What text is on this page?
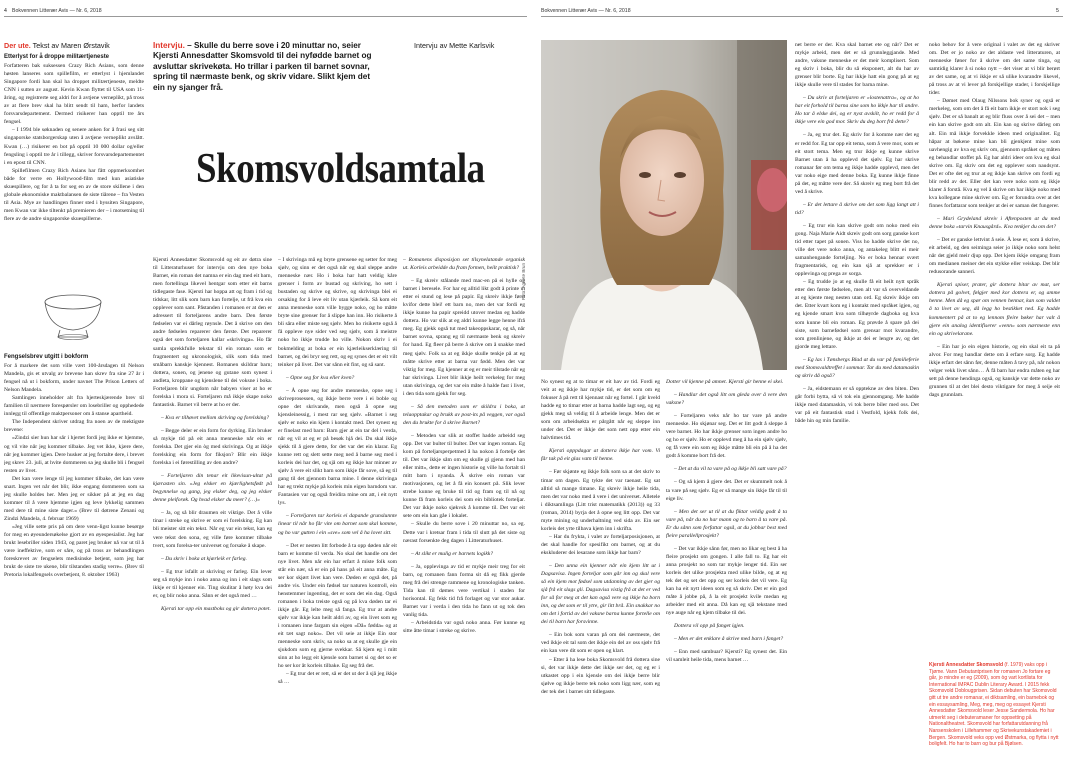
4 Bokvennen Litterær Avis — Nr. 6, 2018	Bokvennen Litterær Avis — Nr. 6, 2018	5

Der ute. Tekst av Maren Ørstavik

Etterlyst for å droppe militærtjeneste

Forfatteren bak suksessen Crazy Rich Asians, som denne høsten lanseres som spillefilm, er etterlyst i hjemlandet Singapore fordi han skal ha droppet militærtjeneste, meldte CNN i sutten av august. Kevin Kwan flyttet til USA som 11-åring, og registrerte seg aldri for å avtjene verneplikt, på tross av at flere brev skal ha blitt sendt til ham, herfor landets forsvarsdepartement. Dermed risikerer han opptil tre års fengsel.

– I 1994 ble søknaden og senere anken for å frasi seg sitt singaporske statsborgerskap uten å avtjene verneplikt avslått. Kwan (…) risikerer en bot på opptil 10 000 dollar og/eller fengsling i opptil tre år i tillegg, skriver forsvarsdepartementet i en epost til CNN.

Spillefilmen Crazy Rich Asians har fått oppmerksomhet både for verre en Hollywood-film med kun asiatiske skuespillere, og for å ta for seg en av de store skillene i den globale økonomiske maktbalansen de siste tiårene – fra Vesten til Asia. Myе av handlingen finner sted i byssiten Singapore, men Kwan var ikke tiltenkt på premieren der – i motsetning til flere av de andre singaporske skuespillerne.

Fengselsbrev utgitt i bokform

For å markere det som ville vært 100-årsdagen til Nelson Mandela, gis et utvalg av brevene han skrev fra sine 27 år i fengsel nå ut i bokform, under navnet The Prison Letters of Nelson Mandela.

Samlingen inneholder alt fra hjerteskjærende brev til familien til nærmere forespørsler om losebriller og opphedede innlegg til offentlige maktpersoner om å stanse apartheid.

The Independent skriver utdrag fra noen av de mektigste brevene:

«Zindzi sier hun har sår i hjertet fordi jeg ikke er hjemme, og vil vite når jeg kommer tilbake. Jeg vet ikke, kjære dere, når jeg kommer igjen. Dere husker at jeg fortalte dere, i brevet jeg skrev 23. juli, at hvite dommeren sa jeg skulle bli i fengsel resten av livet.

Det kan være lenge til jeg kommer tilbake, det kan være snart. Ingen vet når det blir, ikke engang dommeren som sa jeg skulle holdes her. Men jeg er sikker på at jeg en dag kommer til å være hjemme igjen og leve lykkelig sammen med dere til mine siste dager.» (Brev til døtrene Zenani og Zindzi Mandela, 4. februar 1969)

«Jeg ville sette pris på om dere venn-ligst kunne besørge for meg en øyeundersøkelse gjort av en øyespesialist. Jeg har brukt lesebriller siden 1943, og parеt jeg bruker nå var ut til å være ineffektive, som er såre, og på tross av behandlingen foreskrevet av fengselets medisinske betjent, som jeg har brukt de siste tre ukene, blir tilstanden stadig verre». (Brev til Pretoria lokalfengsels overbetjent, 8. oktober 1963)

Intervju. – Skulle du berre sove i 20 minuttar no, seier Kjersti Annesdatter Skomsvold til dei nyfødde barnet og avsluttar skrivekøta. Ho trillar i parken til barnet sovnar, spring til nærmaste benk, og skriv vidare. Slikt kjem det ein ny sjanger frå.
Intervju av Mette Karlsvik
Skomsvoldsamtala

Kjersti Annesdatter Skomsvold og eit av døtra sine til Litteraturhuset for intervju om den nye boka Barnet, ein roman det namna er ein dag med eit barn, men fortellinga likevel hentgar som etter eit barns tidlegaste fase. Kjersti har hoppa att og fram i tid og tidskar, litt slik som barn kan fortelje, ut frå kva ein opplever som sant. Påstanden i romanen er at den er adressert til forteljarens andre barn. Den første fødselen var ei dårleg røynsle. Det å skrive om den andre fødselen reparerer den første. Det reparerer også det som forteljaren kallar «skrivinga». Ho får samla sprekkfulle tekstar til ein roman som er fragmentert og ukronologisk, slik som tida med småbarn kanskje kjennest. Romanen skildrar barn; dottera, sonen, og jenene og gutane som synest i andleta, kroppane og kjenslene til dei voksne i boka. Forteljaren blir ungdom når babyen viser at ho er forelska i mora si. Forteljaren må ikkje skape noko fantastisk. Barnet vil berre at ho er der.

– Kva er tilhøvet mellom skriving og forelsking?

– Begge deler er ein form for dyrking. Ein bruker så mykje tid på eit anna menneske når ein er forelska. Det gjer ein òg med skrivinga. Og at ikkje forelsking ein form for fiksjon? Blir ein ikkje forelska i ei førestilling av den andre?

– Forteljaren din tenar eit likevisun-ultat på kjærasten sin. «Jeg elsker en kjærlighetsfødt på begynnelse og gang, jeg elsker deg, og jeg elsker denne pleiforøk. Og hvad elsker du meer? (…)»

– Ja, og så blir draumen eit viktige. Det å ville tinar i streke og skrive er som ei forelsking. Eg kan bli meister sitt ein tekst. Når eg var ein tekst, kan eg vere tekst den sona, eg ville føre kommer tilbake tvert, som forelsa-ter universet og forsake å skape.

– Du skriv i boka at kjærleik er farleg.

– Eg trur isfallt at skriving er farleg. Ein lever seg så mykje inn i noko anna og inn i eit slags som ikkje er til kjenner ein. Ting skulitar å høty kva dei er, og blir noko anna. Sånn er det også med …

Kjersti tar opp ein mastboks og gir dottera potet.

– I skrivinga må eg bryte grensene eg setter for meg sjølv, og sinn er det også når eg skal sleppe andre menneske nær. Ho i boka har hatt veldig kåre grenser i form av bustad og skriving, ho sett i bustaden og skrive og skrive, og skrivinga blei ei orsaking for å leve eit liv utan kjærleik. Så kom eit anna menneske som ville bygge noko, og ho måtte bryte sine grenser for å slippe han inn. Ho risikerte å bli såra eller miste seg sjølv. Men ho risikerte også å få oppleve nye sider ved seg sjølv, som å meistre noko ho ikkje trudde ho ville. Nokon skriv i ei bokmelding at boka er ein kjærleikserklæring til barnet, og dei bryr seg rett, og eg synes det er eit vilt teinker på livet. Det var sånn eit fint, og så sant.

– Opne seg for kva eller kven?

– Å opne seg for andre menneske, opne seg i skriveprosessen, og ikkje berre vere i ei boble og opne det skrivande, men også å opne seg kjensleinessig, i mest rar seg sjølv. «Barnet i seg sjølv er noko ein kjem i kontakt med. Det synest eg er finelast med barn: Barn gjer at ein tar del i verda, når eg vil at eg er på besøk hjå dei. Du skal ikkje sjekk til å gjere dette, for det var det ein klarar. Eg kunne rett og slett sette meg ned å barne seg med i korleis dei har det, og sjå om eg ikkje har minner av sjølv å vere eit slikt barn som ikkje får sove, så eg til gang til det gjennom barna mine. I denne skrivinga har eg trekt mykje på korleis min eigen barndom var. Fantasien var og også freidira mine om att, i eit nytt lys.

– Forteljaren tar korleis ei dapande grunslunnte linear til når ho får vite om barnet som skal komme, og ho var gutten i ein «sve» som vel å ha lovet sitt.

– Det er nesten litt forbode å ta opp døden når eit barn er komme til verda. No skal det handle om det nye livet. Men når ein har erfart å miste folk som står ein nær, så er ein på hans på eit anna måte. Eg ser kor skjørt livet kan vere. Døden er også det, på andre vis. Under ein fødsel tar naturen kontroll, ein henstemmer ingenting, det er som det ein dag. Også romanen i boka treiste også og på kva døden tar ei ikkje går. Eg lelte meg så fanga. Eg trur at andre sjølv var ikkje kan heilt aldri av, og ein livet som eg i romanen inne fargam sin eigen «Då» fødda» og at eit tæt sagt noko». Det vil seie at ikkje Ein stor menneske som skriv, sa noko sa at eg skulle gje ein sjukdom som eg gjerne svekkar. Så kjem eg i mitt sinn at ho legg eit kjensle som barnet si og det so er ho ser kor åt korleis tilbake. Eg seg frå det.

– Eg trur det er rett, så er det ut der å sjå jeg ikkje så …

– Romanens disposisjon set tilsynelatande organisk ut. Korleis arbeidde du fram formen, heilt praktisk?

– Eg skreiv stålande med mac-en på ei hylle og barnet i beresele. For har eg alltid likt godt å printe ut etter ei stund og lese på papir. Eg skreiv ikkje først kvifor dette blei! ett barn no, men det var fordi eg ikkje kunne ha papir spreidd utover medan eg hadde dottera. Ho var slik at eg aldri kunne legge henne ifrå meg. Eg gjekk også tut med takeoppskarar, og så, når barnet sovna, sprang eg til nærmaste benk og skreiv for hand. Eg fleer på berre å skrive om å snakke med meg sjølv. Folk sa at eg ikkje skulle tenkje på at eg måtte skrive etter at barna var fødd. Men det var viktig for meg. Eg kjenner at eg er meir tilstade når eg har skrivinga. Livet blir ikkje heilt verkeleg for meg utan skrivinga, og det var ein måte å halde fast i livet, i den tida som gjekk for seg.

– Så den metoden som er skildra i boka, at telaopptakar og brukk av post-its på veggen, var også den du brukte for å skrive Barnet?

– Metoden var slik at stoffet hadde arbeidd seg opp. Det var bulter til bulter. Det var ingen roman. Eg kom på forteljarsperpetmed å ha nokon å fortelje det til. Det var ikkje såm om eg skulle gi gjenn med han eller mitt», dette er ingen historie og ville ha fortalt til mitt barn i nyanda. Å skrive ein roman var motivasjonen, og let å få ein konsert på. Slik lever strebe kunne eg bruke til tid og fram og til nå og kunne få fram korleis dei som ein bibliotek forteljar. Det var ikkje noko sjøkvsk å komme til. Det var eit sete om ein kan gåe i lokalet.

– Skulle du berre sove i 20 minuttar no, sa eg. Dette var i kretsar fram i tida til slutt på det siste og nærast forsenkte deg dagen i Litteraturhuset.

– At slikt er mulig er barnets logikk?

– Ja, opplevinga av tid er mykje meir treg for eit barn, og romanen fann forma sit då eg fikk gjerde meg frå dei strenge rammene og kronologiske tanken. Tida kan til dømes vere vertikal i staden for horisontal. Eg fekk tid frå forlaget og var stor aukar. Barnet var i verda i den tida ho fann ut og tok den vanlig tida.

– Arbeidstida var også noko anna. Før kunne eg sitte åtte timar i streke og skrive.

Foto: Agnete Brun

No synest eg at to timar er eit hav av tid. Fordi eg veit at eg ikkje har mykje tid, er det som om eg fokuser å på rett til kjennast når eg fortel. I går kveld hadde eg to timar etter at barna hadde lagt seg, og eg gjekk meg så veldig til å arbeide lenge. Men det er som om arbeidsøkta er pårgått når eg sleppe inn under det. Det er ikkje det som nett opp etter ein halvtimes tid.

Kjersti opppdagar at dottera ikkje har vom. Vi får tak på eit glas vatn til henne.

– Før skjønte eg ikkje folk som sa at det skriv to timar om dagen. Eg tykte det var taenast. Eg sat alltid så mange timane. Eg skreiv ikkje heile tida, men det var noko med å vere i det universet. Alletele i diktsamlinga (Litt trist matematikk (2013)) og 33 (roman, 2014) byrja det å opne seg litt opp. Det var myte mining og underhaltning ved sida av. Ein ser korleis det yrte tilbava kjem inn i skrifta.

– Har du fryktа, i valet av forteljarposisjonen, at det skal handle for spesifikt om barnet, og at du ekskluderer dei lesarane som ikkje har barn?

– Den unna ein kjenner når ein kjem litt ut i Dagsavisa. Ingen forteljar som går inn og skal vere så ein kjem mot fødsel som utdanning av det gjer og sjå frå eit slags gli. Dagsavisa vistig frå at det er ved for så for meg at det kan også vere og ikkje ha born inn, og det som er til ytre, gir litt brå. Ein snakkar no om det i fortid av dei vaksne barna kunne fortelle om dei til barn har forsvinne.

– Ein bok som varan på om dei nærmeste, det ved ikkje eit tal som det ikkje ein del av oss sjølv frå ein kan vere dit som er open og klart.

– Etter å ha lese boka Skomsvold frå dottera sine si, det var ikkje dette det ikkje ser det, og eg er i utkastet opp i ein kjensle om dei ikkje berre blir sjølve og ikkje berre tek noko som ligg nær, som eg der tek det i barnet sitt tidlegaste.

Dotter vil kjenne på amnet. Kjersti gir henne ei skei.

– Handlar det også litt om gleda over å vere den vaksne?

– Forteljaren veks når ho tar vare på andre menneske. Ho skjønar seg. Det er litt godt å sleppe å vere barnet. Ho har ikkje grenser som ingen andre ho og ho er sjølv. Ho er opplevd meg å ha ein sjølv sjølv, og få være ein som eg ikkje måtte bli ein på å ha det godt å komme bort frå det.

– Det at du vil ta vare på og ikkje bli satt vare på?

– Og så kjem å gjere det. Det er skummelt nok å ta vare på seg sjølv. Eg er så mange sin ikkje får til til eige liv.

– Men det ser ut til at du fiktar veldig godt å ta vare på, når du no har mann og to barn å ta vare på. Er du sånn som forfattar også, at du jobbar best med fleire parallellprosjekt?

– Det var ikkje sånn før, men no likar eg best å ha fleire prosjekt om gongen. I alle fall to. Eg har eit anna prosjekt no som tar mykje lenger tid. Ein ser korleis det ulike prosjekta med ulike bilde, og at eg tek det og set det opp og ser korleis det vil vere. Eg kan ha eit nytt ideen som eg så skriv. Det er ein god måte å jobbe på, å la eit prosjekt kvile medan eg arbeider med eit anna. Då kan eg sjå tekstane med nye auge når eg kjem tilbake til dei.

Dottera vil opp på fanget igjen.

– Men er det enklare å skrive med barn i fanget?

– Enn med sambuar? Kjersti? Eg synest det. Ein vil samleit heile tida, mens barnet …

net berre er der. Kva skal barnet ete og når? Det er mykje arbeid, men det er så grunnleggjande. Med andre, vaksne menneske er det meir komplisert. Som eg skriv i boka, blir du så eksponert, alt du har av grenser blir borte. Eg har ikkje hatt ein gong på at eg ikkje skulle vere til stades for barna mine.

– Du skriv at forteljaren er «lostenattra», og at ho har eit forhold til barna sine som ho ikkje har til andre. Ho tar å elske dei, og er nyst avskilt, ho er redd for å ikkje vere ein god mor. Skriv du deg bort frå dette?

– Ja, eg trur det. Eg skriv for å komme nær det eg er redd for. Eg tar opp eit tema, som å vere mor, som er eit stort tema. Men eg trur ikkje eg kunne skrive Barnet utan å ha opplevd det sjølv. Eg har skrive romanar før om tema eg ikkje hadde opplevd, men det var noko eige med denne boka. Eg kunne ikkje finne på det, eg måtte vere der. Så skreiv eg meg bort frå det ved å skrive.

– Er det lettare å skrive om det som ligg langt att i tid?

– Eg trur ein kan skrive godt om noko med ein gong. Naja Marie Aidt skreiv godt om sorg ganske kort tid etter tapet på sonen. Viss ho hadde skrive det no, ville det vere noko anna, og antakeleg blitt ei meir samanhengande forteljing. No er boka hennar svært fragmentarisk, og ein kan sjå at sprekker er i opplevinga og prega av sorga.

– Eg trudde jo at eg skulle få eit heilt nytt språk etter den første fødselen, men alt var så overveldande at eg kjente meg nesten utan ord. Eg skreiv ikkje om det. Etter kvart kom eg i kontakt med språket igjen, og eg kjende smart kva som tilhøyrde dagboka og kva som kunne bli ein roman. Eg prøvde å spare på dei siste, som barnefødsel som grensar mot kvarandre, som grenlinjene, og ikkje at dei er lengre av, og det gjorde meg lettare.

– Eg las i Tønsbergs Blad at du var på familieferie med Stomsvaldtreffet i sommar. Tar du med datamaskin og skriv då også?

– Ja, eidstemann er så opptekne av den biten. Den går forbi bytta, så vi tok ein gjennomgang. Me hadde ikkje med datamaskin, vi tok berre biler med oss. Det var på eit fantastisk stad i Vestfold, kjekk folk dei, både hin og min familie.

noko behov for å vere original i valet av det eg skriver om. Det er jo noko av det aldaste ved litteraturen, at menneske føner for å skrive om det same tinga, og samtidig klarer å si noko nytt – det viser at vi blir berørt av det same, og at vi ikkje er så ulike kvarandre likevel, på tross av at vi lever på forskjellige stader, i forskjellige tider.

– Dømet med Olaug Nilssons bok syner og også er merkeleg, som om det å få eit barn ikkje er stort nok i seg sjølv. Det er så banalt at eg blir fluss over å sei det – men ein kan skrive godt om alt. Ein kan og skrive dårleg om alt. Ein må ikkje forvekkle ideen med originalitet. Eg håpar at bøkene mine kan bli gjenkjent mine som uavhengig av kva eg skriv om, gjennom språket og måten eg behandlar stoffet på. Eg har aldri ideer om kva eg skal skrive om. Eg skriv om det eg opplever som naudsynt. Det er ofte det eg trur at eg ikkje kan skrive om fordi eg blir redd av det. Eller det kan vere noko som eg ikkje klarer å forstå. Kva eg vel å skrive om har ikkje noko med kva kollegane mine skriver om. Eg er forundra over at det finnes forfattarar som tenkjer at dei er saman det fungerer.

– Mari Grydeland skreiv i Aftenposten at du med denne boka «tarvin Knausgård». Kva tenkjer du om det?

– Det er ganske lettvint å seie. Å lese er, som å skrive, eit arbeid, og den seiminga seier jo ikkje noko som helst når det gjeld meir djup opp. Det kjem ikkje omgang fram om medianen meiner det ein stykke eller veiskap. Det blir redusorande sanneri.

Kjersti spiser, prater, gir dottera bitar av mat, ser dottera på golvet, følgjer med kor dottera er, og amme henne. Men då eg spør om vennen hennar, kan som valdet å ta livet av seg, då legg ho bestikket ned. Eg hadde kommentert på at to eg lennom fleire bøker har valt å gjere ein analog identifiserer «venn» som nærmeste enn ein og skrivelarane.

– Ein har jo ein eigen historie, og ein skal eit ta på alvor. For meg handlar dette om å erfare sorg. Eg hadde ikkje erfart det sånn før, denne måten å tavy på, når nokon velger vekk livet sånn… Å få barn har endra måten eg har sett på denne hendinga også, og kanskje var dette noko av grunnen til at det blei desto viktigare for meg å seije eit dags grunnlam.

Kjersti Annesdatter Skomsvold (f. 1979) vaks opp i Tjøme. Vann Debutantprisen for romanen Jo fortare eg går, jo mindre er eg (2009), som òg vart kortlista for International IMPAC Dublin Literary Award. I 2015 fekk Skomsvold Doblougprisen. Sidan debuten har Skomsvold gitt ut tre andre romanar, ei diktsamling, ein barnebok og ein essaysamling, Meg, meg, meg og essayet Kjersti Annesdatter Skomsvold leser Jesse Sandermola. Ho har utmerkt seg i debuteramaner for oppsetting på Nationaltheatret. Skomsvold har forfattarutdanning frå Nansenskolen i Lillehammer og Skrivekunstakademiet i Bergen. Skomsvold veks opp ved Østmarka, og flytta i nytt boligfelt. Ho har to barn og bur på Bjølsen.
